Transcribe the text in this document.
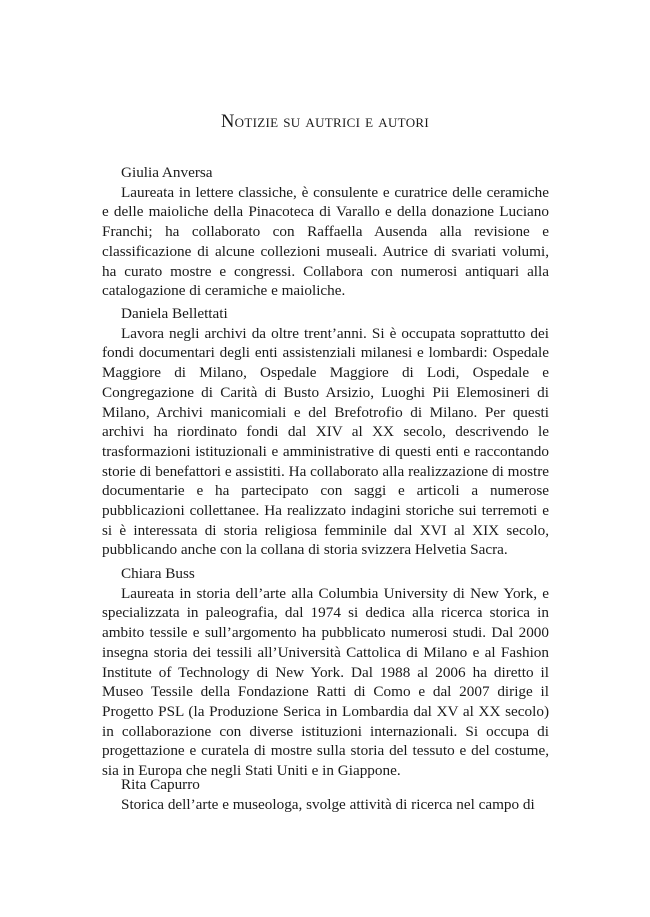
Notizie su autrici e autori
Giulia Anversa

Laureata in lettere classiche, è consulente e curatrice delle ceramiche e delle maioliche della Pinacoteca di Varallo e della donazione Luciano Franchi; ha collaborato con Raffaella Ausenda alla revisione e classificazione di alcune collezioni museali. Autrice di svariati volumi, ha curato mostre e congressi. Collabora con numerosi antiquari alla catalogazione di ceramiche e maioliche.

Daniela Bellettati

Lavora negli archivi da oltre trent’anni. Si è occupata soprattutto dei fondi documentari degli enti assistenziali milanesi e lombardi: Ospedale Maggiore di Milano, Ospedale Maggiore di Lodi, Ospedale e Congregazione di Carità di Busto Arsizio, Luoghi Pii Elemosineri di Milano, Archivi manicomiali e del Brefotrofio di Milano. Per questi archivi ha riordinato fondi dal XIV al XX secolo, descrivendo le trasformazioni istituzionali e amministrative di questi enti e raccontando storie di benefattori e assistiti. Ha collaborato alla realizzazione di mostre documentarie e ha partecipato con saggi e articoli a numerose pubblicazioni collettanee. Ha realizzato indagini storiche sui terremoti e si è interessata di storia religiosa femminile dal XVI al XIX secolo, pubblicando anche con la collana di storia svizzera Helvetia Sacra.

Chiara Buss

Laureata in storia dell’arte alla Columbia University di New York, e specializzata in paleografia, dal 1974 si dedica alla ricerca storica in ambito tessile e sull’argomento ha pubblicato numerosi studi. Dal 2000 insegna storia dei tessili all’Università Cattolica di Milano e al Fashion Institute of Technology di New York. Dal 1988 al 2006 ha diretto il Museo Tessile della Fondazione Ratti di Como e dal 2007 dirige il Progetto PSL (la Produzione Serica in Lombardia dal XV al XX secolo) in collaborazione con diverse istituzioni internazionali. Si occupa di progettazione e curatela di mostre sulla storia del tessuto e del costume, sia in Europa che negli Stati Uniti e in Giappone.

Rita Capurro

Storica dell’arte e museologa, svolge attività di ricerca nel campo di
